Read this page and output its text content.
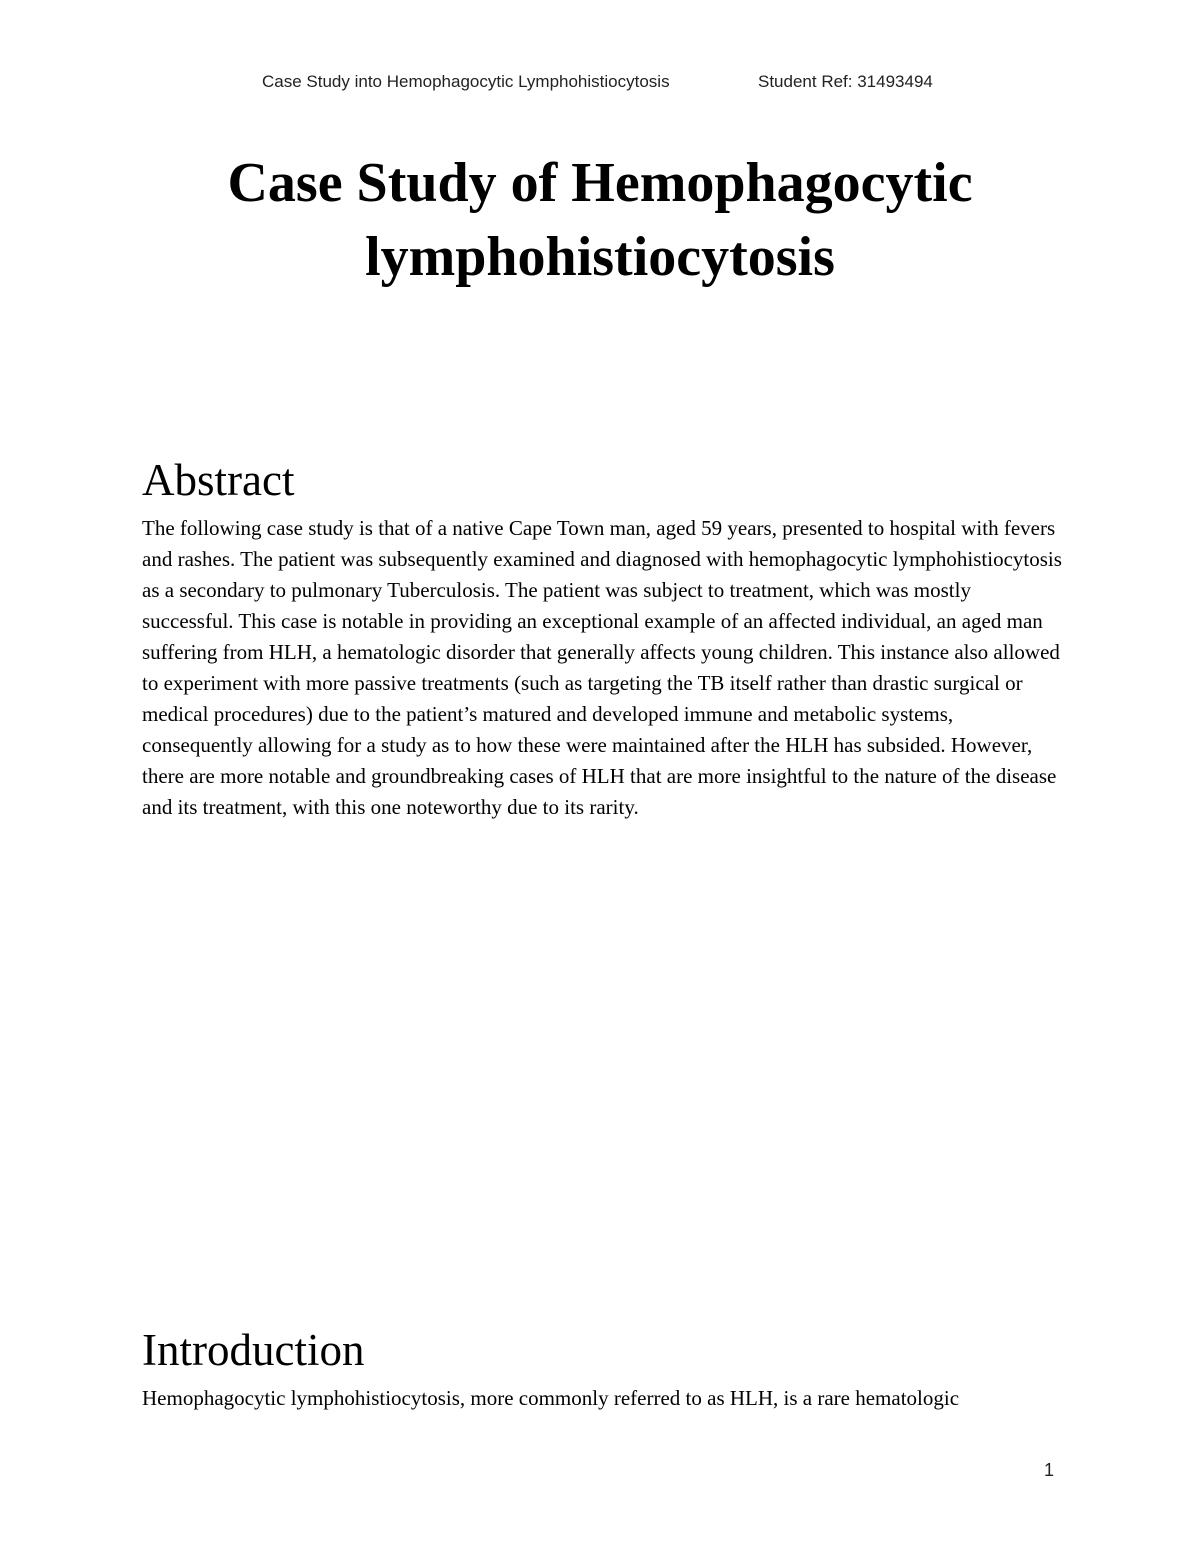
Case Study into Hemophagocytic Lymphohistiocytosis	Student Ref: 31493494
Case Study of Hemophagocytic
lymphohistiocytosis
Abstract

The following case study is that of a native Cape Town man, aged 59 years, presented to hospital with fevers and rashes. The patient was subsequently examined and diagnosed with hemophagocytic lymphohistiocytosis as a secondary to pulmonary Tuberculosis. The patient was subject to treatment, which was mostly successful. This case is notable in providing an exceptional example of an affected individual, an aged man suffering from HLH, a hematologic disorder that generally affects young children. This instance also allowed to experiment with more passive treatments (such as targeting the TB itself rather than drastic surgical or medical procedures) due to the patient’s matured and developed immune and metabolic systems, consequently allowing for a study as to how these were maintained after the HLH has subsided. However, there are more notable and groundbreaking cases of HLH that are more insightful to the nature of the disease and its treatment, with this one noteworthy due to its rarity.

Introduction

Hemophagocytic lymphohistiocytosis, more commonly referred to as HLH, is a rare hematologic

1
